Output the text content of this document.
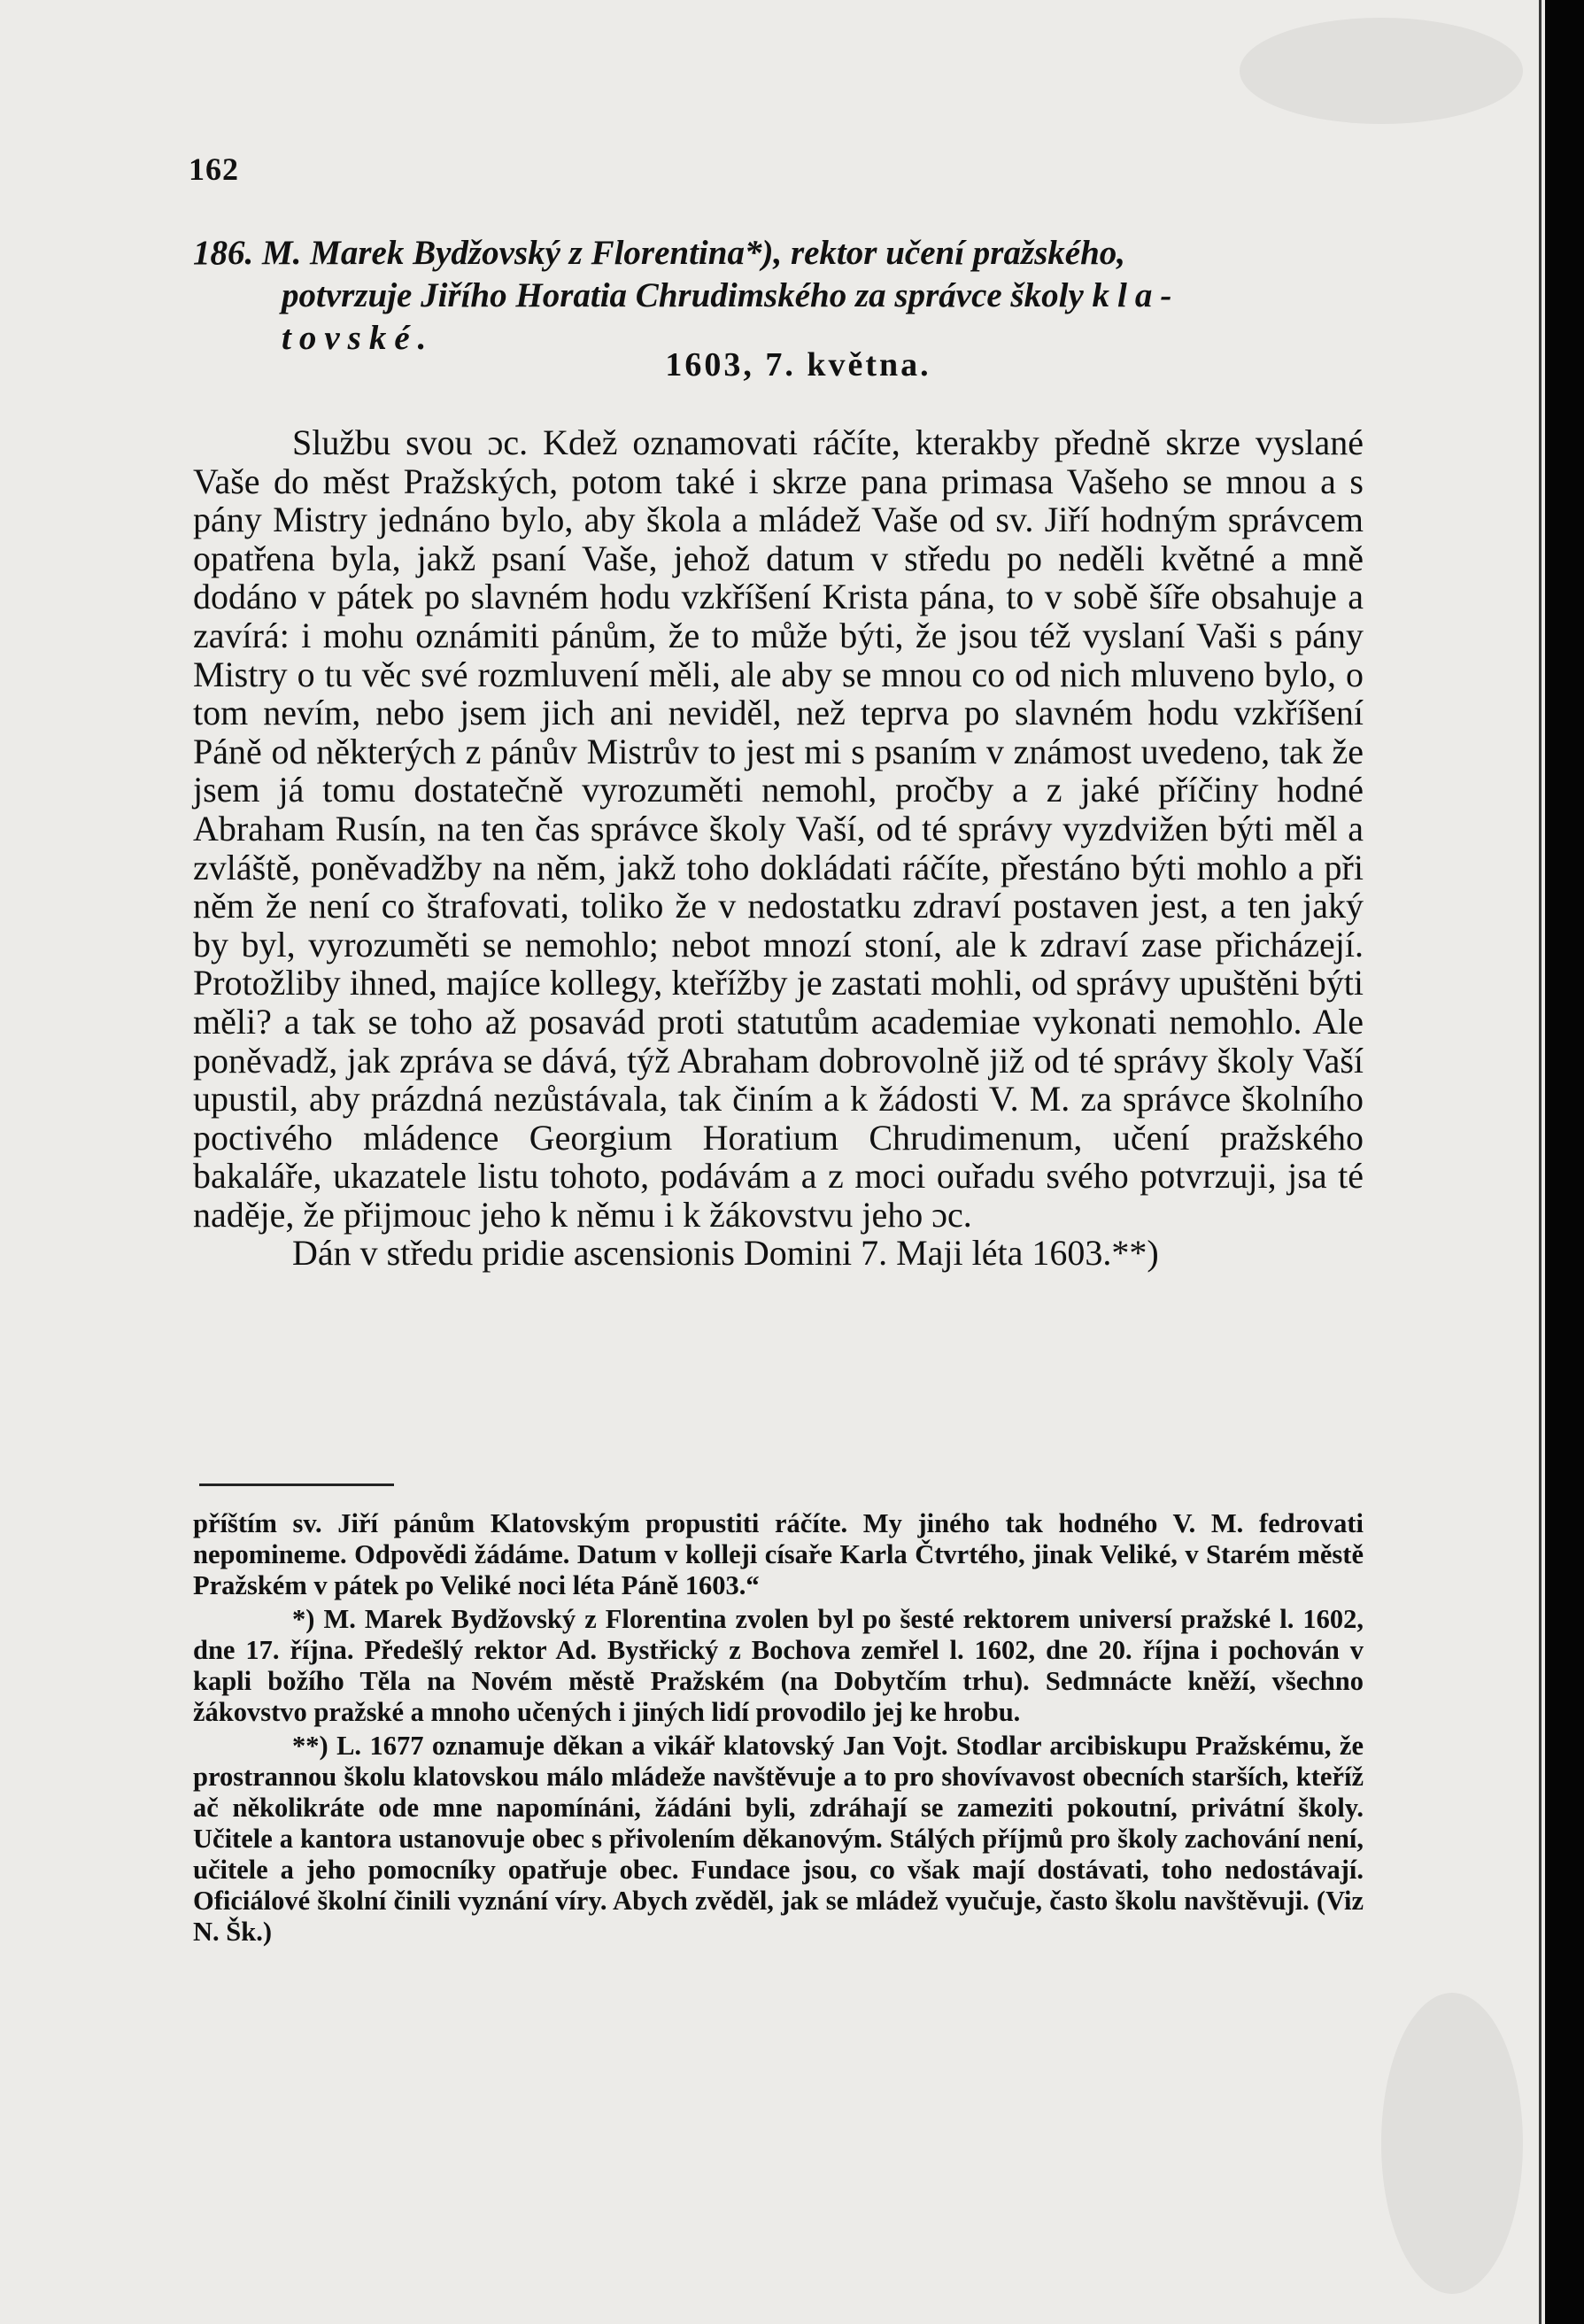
162
186. M. Marek Bydžovský z Florentina*), rektor učení pražského,
potvrzuje Jiřího Horatia Chrudimského za správce školy kla-
tovské.
1603, 7. května.

Službu svou ɔc. Kdež oznamovati ráčíte, kterakby předně skrze vyslané Vaše do měst Pražských, potom také i skrze pana primasa Vašeho se mnou a s pány Mistry jednáno bylo, aby škola a mládež Vaše od sv. Jiří hodným správcem opatřena byla, jakž psaní Vaše, jehož datum v středu po neděli květné a mně dodáno v pátek po slavném hodu vzkříšení Krista pána, to v sobě šíře obsahuje a zavírá: i mohu oznámiti pánům, že to může býti, že jsou též vyslaní Vaši s pány Mistry o tu věc své rozmluvení měli, ale aby se mnou co od nich mluveno bylo, o tom nevím, nebo jsem jich ani neviděl, než teprva po slavném hodu vzkříšení Páně od některých z pánův Mistrův to jest mi s psaním v známost uvedeno, tak že jsem já tomu dostatečně vyrozuměti nemohl, pročby a z jaké příčiny hodné Abraham Rusín, na ten čas správce školy Vaší, od té správy vyzdvižen býti měl a zvláště, poněvadžby na něm, jakž toho dokládati ráčíte, přestáno býti mohlo a při něm že není co štrafovati, toliko že v nedostatku zdraví postaven jest, a ten jaký by byl, vyrozuměti se nemohlo; nebot mnozí stoní, ale k zdraví zase přicházejí. Protožliby ihned, majíce kollegy, kteřížby je zastati mohli, od správy upuštěni býti měli? a tak se toho až posavád proti statutům academiae vykonati nemohlo. Ale poněvadž, jak zpráva se dává, týž Abraham dobrovolně již od té správy školy Vaší upustil, aby prázdná nezůstávala, tak činím a k žádosti V. M. za správce školního poctivého mládence Georgium Horatium Chrudimenum, učení pražského bakaláře, ukazatele listu tohoto, podávám a z moci ouřadu svého potvrzuji, jsa té naděje, že přijmouc jeho k němu i k žákovstvu jeho ɔc.

Dán v středu pridie ascensionis Domini 7. Maji léta 1603.**)

příštím sv. Jiří pánům Klatovským propustiti ráčíte. My jiného tak hodného V. M. fedrovati nepomineme. Odpovědi žádáme. Datum v kolleji císaře Karla Čtvrtého, jinak Veliké, v Starém městě Pražském v pátek po Veliké noci léta Páně 1603.“

*) M. Marek Bydžovský z Florentina zvolen byl po šesté rektorem universí pražské l. 1602, dne 17. října. Předešlý rektor Ad. Bystřický z Bochova zemřel l. 1602, dne 20. října i pochován v kapli božího Těla na Novém městě Pražském (na Dobytčím trhu). Sedmnácte kněží, všechno žákovstvo pražské a mnoho učených i jiných lidí provodilo jej ke hrobu.

**) L. 1677 oznamuje děkan a vikář klatovský Jan Vojt. Stodlar arcibiskupu Pražskému, že prostrannou školu klatovskou málo mládeže navštěvuje a to pro shovívavost obecních starších, kteříž ač několikráte ode mne napomínáni, žádáni byli, zdráhají se zameziti pokoutní, privátní školy. Učitele a kantora ustanovuje obec s přivolením děkanovým. Stálých příjmů pro školy zachování není, učitele a jeho pomocníky opatřuje obec. Fundace jsou, co však mají dostávati, toho nedostávají. Oficiálové školní činili vyznání víry. Abych zvěděl, jak se mládež vyučuje, často školu navštěvuji. (Viz N. Šk.)
